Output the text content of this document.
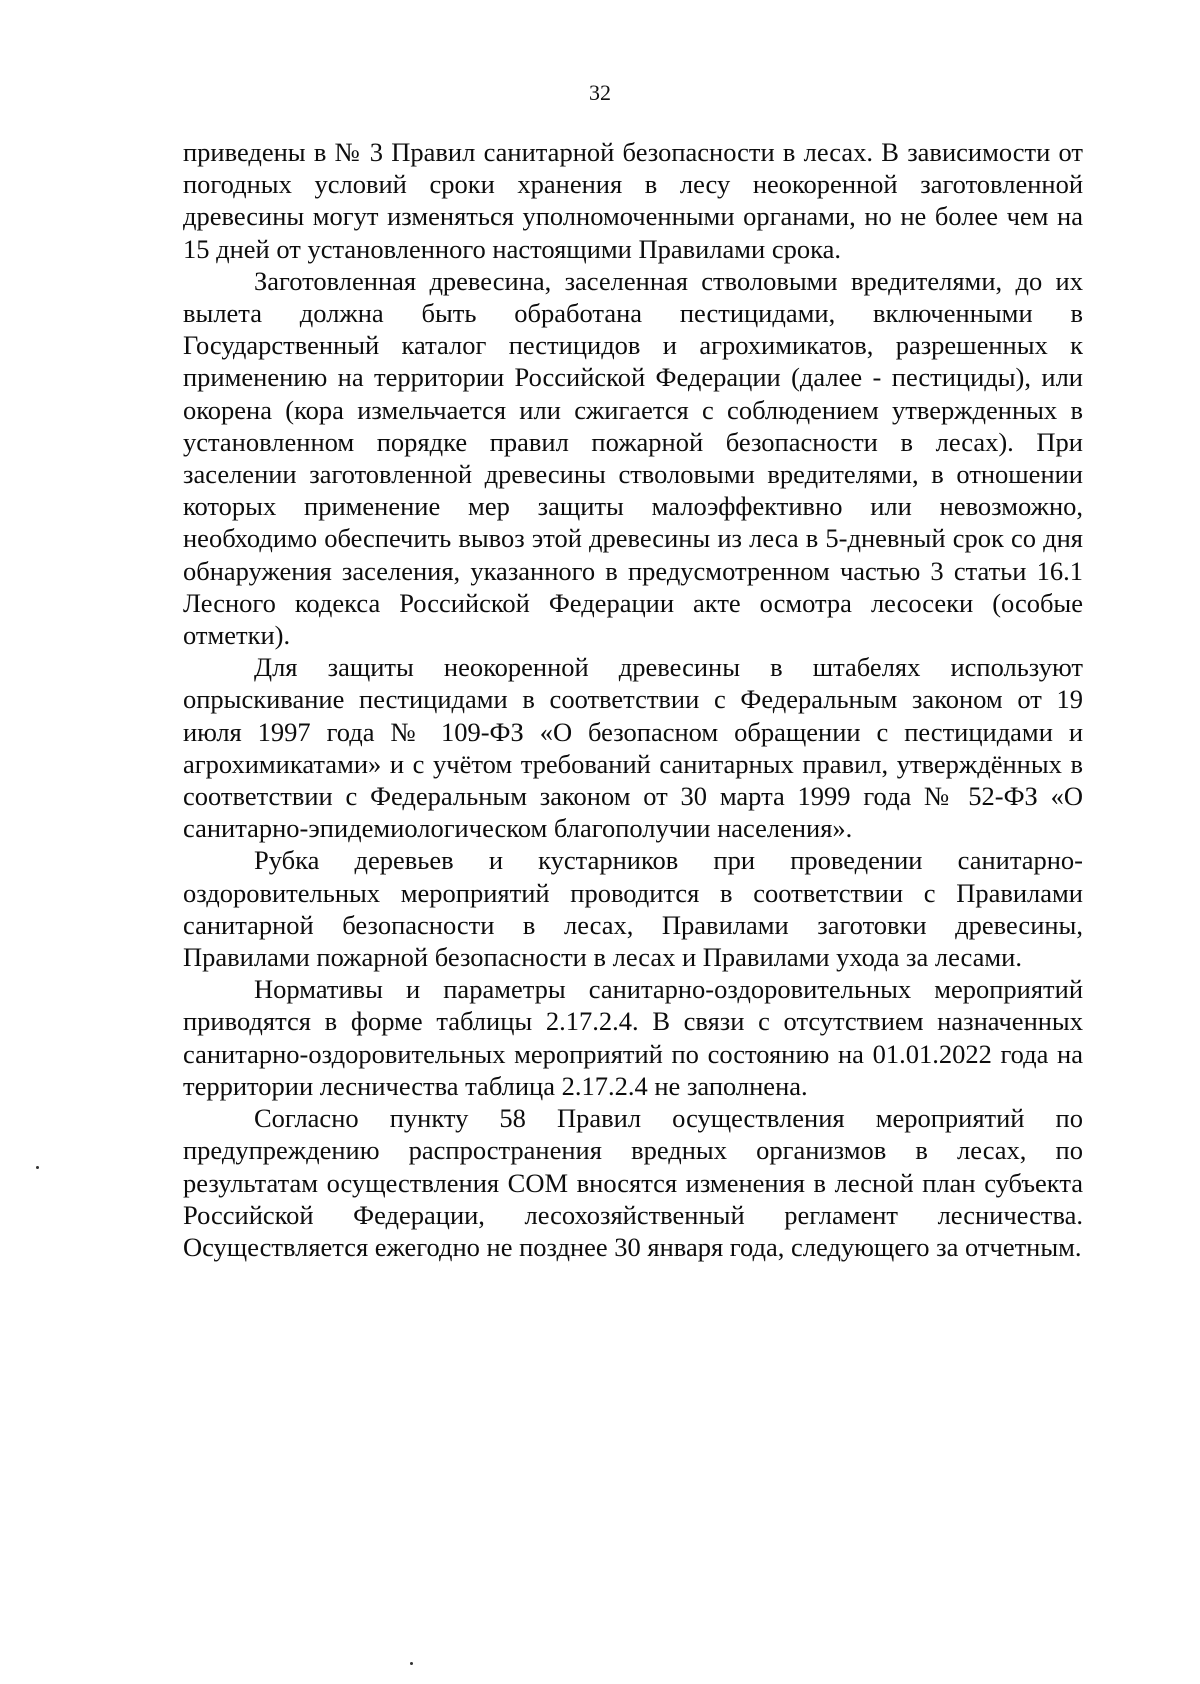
32

приведены в № 3 Правил санитарной безопасности в лесах. В зависимости от погодных условий сроки хранения в лесу неокоренной заготовленной древесины могут изменяться уполномоченными органами, но не более чем на 15 дней от установленного настоящими Правилами срока.

Заготовленная древесина, заселенная стволовыми вредителями, до их вылета должна быть обработана пестицидами, включенными в Государственный каталог пестицидов и агрохимикатов, разрешенных к применению на территории Российской Федерации (далее - пестициды), или окорена (кора измельчается или сжигается с соблюдением утвержденных в установленном порядке правил пожарной безопасности в лесах). При заселении заготовленной древесины стволовыми вредителями, в отношении которых применение мер защиты малоэффективно или невозможно, необходимо обеспечить вывоз этой древесины из леса в 5-дневный срок со дня обнаружения заселения, указанного в предусмотренном частью 3 статьи 16.1 Лесного кодекса Российской Федерации акте осмотра лесосеки (особые отметки).

Для защиты неокоренной древесины в штабелях используют опрыскивание пестицидами в соответствии с Федеральным законом от 19 июля 1997 года № 109-ФЗ «О безопасном обращении с пестицидами и агрохимикатами» и с учётом требований санитарных правил, утверждённых в соответствии с Федеральным законом от 30 марта 1999 года № 52-ФЗ «О санитарно-эпидемиологическом благополучии населения».

Рубка деревьев и кустарников при проведении санитарно-оздоровительных мероприятий проводится в соответствии с Правилами санитарной безопасности в лесах, Правилами заготовки древесины, Правилами пожарной безопасности в лесах и Правилами ухода за лесами.

Нормативы и параметры санитарно-оздоровительных мероприятий приводятся в форме таблицы 2.17.2.4. В связи с отсутствием назначенных санитарно-оздоровительных мероприятий по состоянию на 01.01.2022 года на территории лесничества таблица 2.17.2.4 не заполнена.

Согласно пункту 58 Правил осуществления мероприятий по предупреждению распространения вредных организмов в лесах, по результатам осуществления СОМ вносятся изменения в лесной план субъекта Российской Федерации, лесохозяйственный регламент лесничества. Осуществляется ежегодно не позднее 30 января года, следующего за отчетным.
